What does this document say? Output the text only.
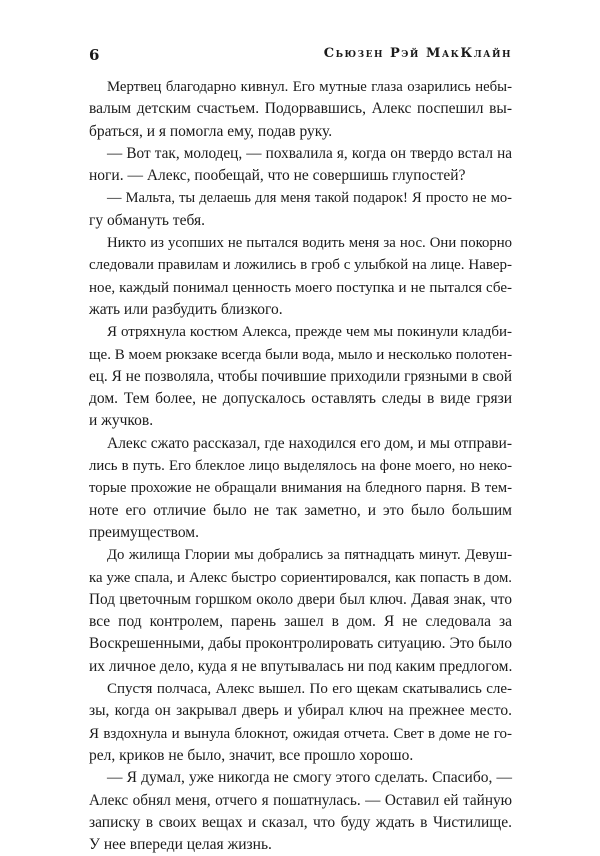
6	Сьюзен Рэй МакКлайн
Мертвец благодарно кивнул. Его мутные глаза озарились небы-
валым детским счастьем. Подорвавшись, Алекс поспешил вы-
браться, и я помогла ему, подав руку.
— Вот так, молодец, — похвалила я, когда он твердо встал на
ноги. — Алекс, пообещай, что не совершишь глупостей?
— Мальта, ты делаешь для меня такой подарок! Я просто не мо-
гу обмануть тебя.
Никто из усопших не пытался водить меня за нос. Они покорно
следовали правилам и ложились в гроб с улыбкой на лице. Навер-
ное, каждый понимал ценность моего поступка и не пытался сбе-
жать или разбудить близкого.
Я отряхнула костюм Алекса, прежде чем мы покинули кладби-
ще. В моем рюкзаке всегда были вода, мыло и несколько полотен-
ец. Я не позволяла, чтобы почившие приходили грязными в свой
дом. Тем более, не допускалось оставлять следы в виде грязи
и жучков.
Алекс сжато рассказал, где находился его дом, и мы отправи-
лись в путь. Его блеклое лицо выделялось на фоне моего, но неко-
торые прохожие не обращали внимания на бледного парня. В тем-
ноте его отличие было не так заметно, и это было большим
преимуществом.
До жилища Глории мы добрались за пятнадцать минут. Девуш-
ка уже спала, и Алекс быстро сориентировался, как попасть в дом.
Под цветочным горшком около двери был ключ. Давая знак, что
все под контролем, парень зашел в дом. Я не следовала за
Воскрешенными, дабы проконтролировать ситуацию. Это было
их личное дело, куда я не впутывалась ни под каким предлогом.
Спустя полчаса, Алекс вышел. По его щекам скатывались сле-
зы, когда он закрывал дверь и убирал ключ на прежнее место.
Я вздохнула и вынула блокнот, ожидая отчета. Свет в доме не го-
рел, криков не было, значит, все прошло хорошо.
— Я думал, уже никогда не смогу этого сделать. Спасибо, —
Алекс обнял меня, отчего я пошатнулась. — Оставил ей тайную
записку в своих вещах и сказал, что буду ждать в Чистилище.
У нее впереди целая жизнь.
